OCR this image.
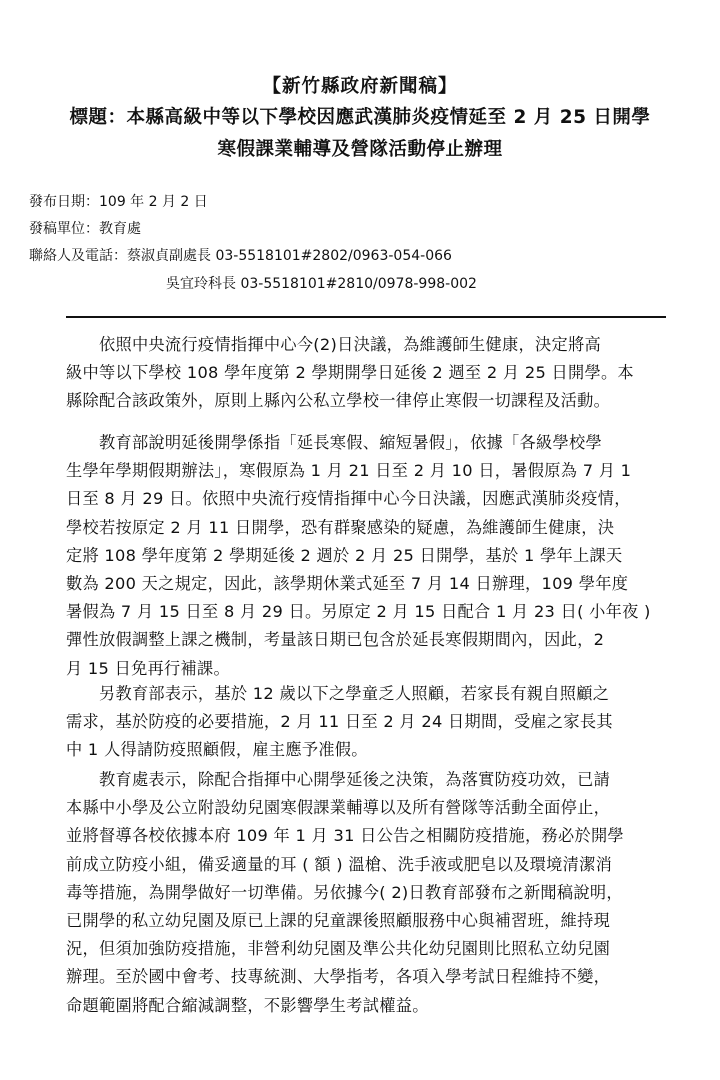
【新竹縣政府新聞稿】
標題：本縣高級中等以下學校因應武漢肺炎疫情延至 2 月 25 日開學
寒假課業輔導及營隊活動停止辦理
發布日期：109 年 2 月 2 日
發稿單位：教育處
聯絡人及電話：蔡淑貞副處長 03-5518101#2802/0963-054-066
吳宜玲科長 03-5518101#2810/0978-998-002
　　依照中央流行疫情指揮中心今(2)日決議，為維護師生健康，決定將高
級中等以下學校 108 學年度第 2 學期開學日延後 2 週至 2 月 25 日開學。本
縣除配合該政策外，原則上縣內公私立學校一律停止寒假一切課程及活動。
　　教育部說明延後開學係指「延長寒假、縮短暑假」，依據「各級學校學
生學年學期假期辦法」，寒假原為 1 月 21 日至 2 月 10 日，暑假原為 7 月 1
日至 8 月 29 日。依照中央流行疫情指揮中心今日決議，因應武漢肺炎疫情，
學校若按原定 2 月 11 日開學，恐有群聚感染的疑慮，為維護師生健康，決
定將 108 學年度第 2 學期延後 2 週於 2 月 25 日開學，基於 1 學年上課天
數為 200 天之規定，因此，該學期休業式延至 7 月 14 日辦理，109 學年度
暑假為 7 月 15 日至 8 月 29 日。另原定 2 月 15 日配合 1 月 23 日( 小年夜 )
彈性放假調整上課之機制，考量該日期已包含於延長寒假期間內，因此，2
月 15 日免再行補課。
　　另教育部表示，基於 12 歲以下之學童乏人照顧，若家長有親自照顧之
需求，基於防疫的必要措施，2 月 11 日至 2 月 24 日期間，受雇之家長其
中 1 人得請防疫照顧假，雇主應予准假。
　　教育處表示，除配合指揮中心開學延後之決策，為落實防疫功效，已請
本縣中小學及公立附設幼兒園寒假課業輔導以及所有營隊等活動全面停止，
並將督導各校依據本府 109 年 1 月 31 日公告之相關防疫措施，務必於開學
前成立防疫小組，備妥適量的耳 ( 額 ) 溫槍、洗手液或肥皂以及環境清潔消
毒等措施，為開學做好一切準備。另依據今( 2)日教育部發布之新聞稿說明，
已開學的私立幼兒園及原已上課的兒童課後照顧服務中心與補習班，維持現
況，但須加強防疫措施，非營利幼兒園及準公共化幼兒園則比照私立幼兒園
辦理。至於國中會考、技專統測、大學指考，各項入學考試日程維持不變，
命題範圍將配合縮減調整，不影響學生考試權益。
